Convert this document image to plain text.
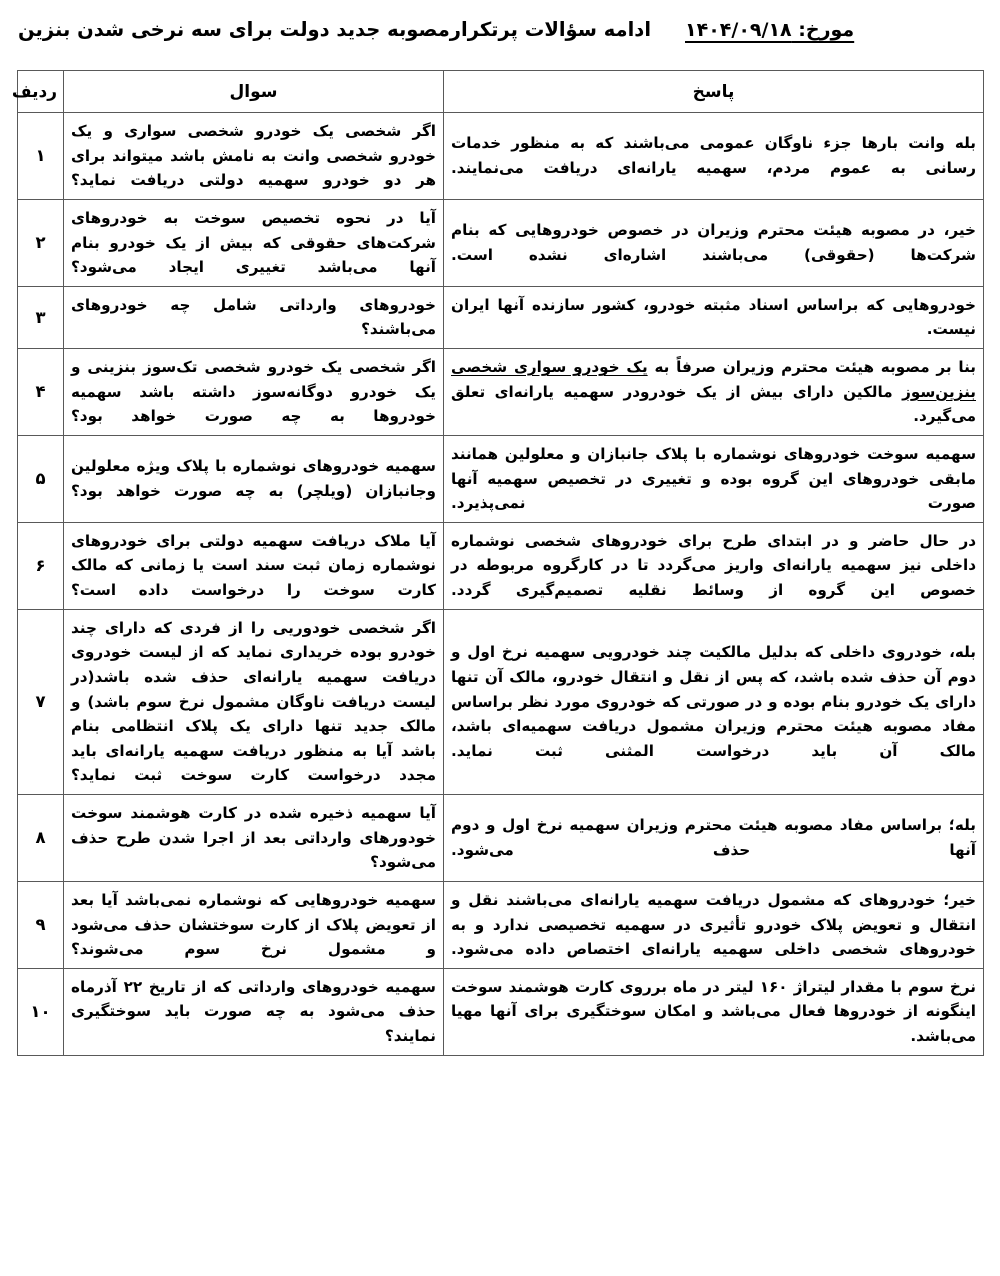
ادامه سؤالات پرتکرارمصوبه جدید دولت برای سه نرخی شدن بنزین مورخ: ۱۴۰۴/۰۹/۱۸
پاسخ	سوال	ردیف
بله وانت بارها جزء ناوگان عمومی می‌باشند که به منظور خدمات رسانی به عموم مردم، سهمیه یارانه‌ای دریافت می‌نمایند.	اگر شخصی یک خودرو شخصی سواری و یک خودرو شخصی وانت به نامش باشد میتواند برای هر دو خودرو سهمیه دولتی دریافت نماید؟	۱
خیر، در مصوبه هیئت محترم وزیران در خصوص خودروهایی که بنام شرکت‌ها (حقوقی) می‌باشند اشاره‌ای نشده است.	آیا در نحوه تخصیص سوخت به خودروهای شرکت‌های حقوقی که بیش از یک خودرو بنام آنها می‌باشد تغییری ایجاد می‌شود؟	۲
خودروهایی که براساس اسناد مثبته خودرو، کشور سازنده آنها ایران نیست.	خودروهای وارداتی شامل چه خودروهای می‌باشند؟	۳
بنا بر مصوبه هیئت محترم وزیران صرفاً به یک خودرو سواری شخصی بنزین‌سوز مالکین دارای بیش از یک خودرودر سهمیه یارانه‌ای تعلق می‌گیرد.	اگر شخصی یک خودرو شخصی تک‌سوز بنزینی و یک خودرو دوگانه‌سوز داشته باشد سهمیه خودروها به چه صورت خواهد بود؟	۴
سهمیه سوخت خودروهای نوشماره با پلاک جانبازان و معلولین همانند مابقی خودروهای این گروه بوده و تغییری در تخصیص سهمیه آنها صورت نمی‌پذیرد.	سهمیه خودروهای نوشماره با پلاک ویژه معلولین وجانبازان (ویلچر) به چه صورت خواهد بود؟	۵
در حال حاضر و در ابتدای طرح برای خودروهای شخصی نوشماره داخلی نیز سهمیه یارانه‌ای واریز می‌گردد تا در کارگروه مربوطه در خصوص این گروه از وسائط نقلیه تصمیم‌گیری گردد.	آیا ملاک دریافت سهمیه دولتی برای خودروهای نوشماره زمان ثبت سند است یا زمانی که مالک کارت سوخت را درخواست داده است؟	۶
بله، خودروی داخلی که بدلیل مالکیت چند خودرویی سهمیه نرخ اول و دوم آن حذف شده باشد، که پس از نقل و انتقال خودرو، مالک آن تنها دارای یک خودرو بنام بوده و در صورتی که خودروی مورد نظر براساس مفاد مصوبه هیئت محترم وزیران مشمول دریافت سهمیه‌ای باشد، مالک آن باید درخواست المثنی ثبت نماید.	اگر شخصی خودوریی را از فردی که دارای چند خودرو بوده خریداری نماید که از لیست خودروی دریافت سهمیه یارانه‌ای حذف شده باشد(در لیست دریافت ناوگان مشمول نرخ سوم باشد) و مالک جدید تنها دارای یک پلاک انتظامی بنام باشد آیا به منظور دریافت سهمیه یارانه‌ای باید مجدد درخواست کارت سوخت ثبت نماید؟	۷
بله؛ براساس مفاد مصوبه هیئت محترم وزیران سهمیه نرخ اول و دوم آنها حذف می‌شود.	آیا سهمیه ذخیره شده در کارت هوشمند سوخت خودورهای وارداتی بعد از اجرا شدن طرح حذف می‌شود؟	۸
خیر؛ خودروهای که مشمول دریافت سهمیه یارانه‌ای می‌باشند نقل و انتقال و تعویض پلاک خودرو تأثیری در سهمیه تخصیصی ندارد و به خودروهای شخصی داخلی سهمیه یارانه‌ای اختصاص داده می‌شود.	سهمیه خودروهایی که نوشماره نمی‌باشد آیا بعد از تعویض پلاک از کارت سوختشان حذف می‌شود و مشمول نرخ سوم می‌شوند؟	۹
نرخ سوم با مقدار لیتراژ ۱۶۰ لیتر در ماه برروی کارت هوشمند سوخت اینگونه از خودروها فعال می‌باشد و امکان سوختگیری برای آنها مهیا می‌باشد.	سهمیه خودروهای وارداتی که از تاریخ ۲۲ آذرماه حذف می‌شود به چه صورت باید سوختگیری نمایند؟	۱۰
